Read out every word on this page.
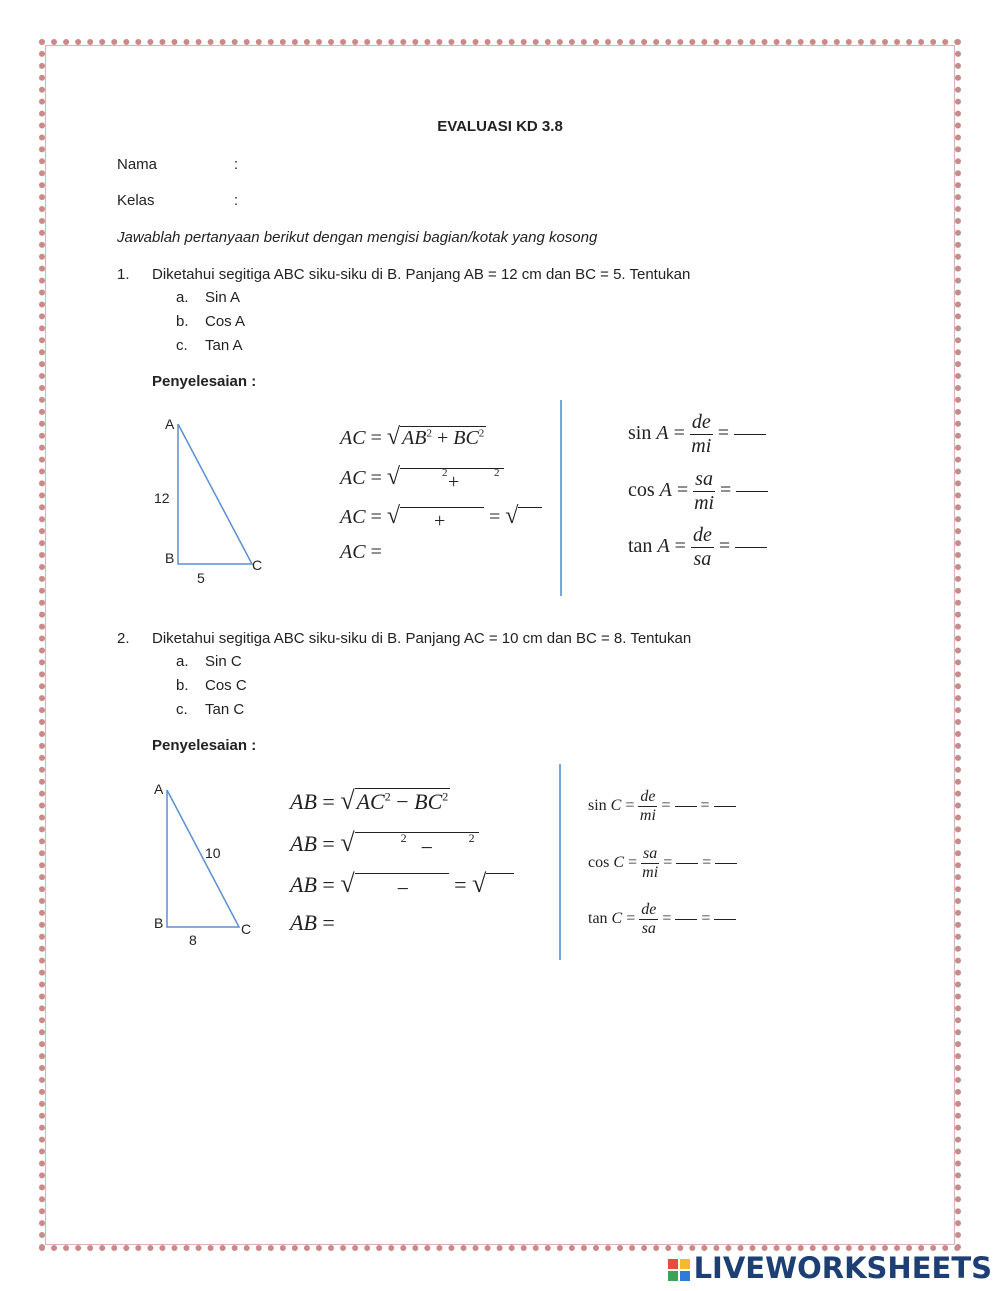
EVALUASI KD 3.8
Nama	:
Kelas	:
Jawablah pertanyaan berikut dengan mengisi bagian/kotak yang kosong
1. Diketahui segitiga ABC siku-siku di B. Panjang AB = 12 cm dan BC = 5. Tentukan
a. Sin A
b. Cos A
c. Tan A
Penyelesaian :
A
B	C
12
5
AC = √ $AB^2 + BC^2$
AC = √	2 +	2
AC = √ + = √
AC =
$\sin A = \frac{de}{mi}$ =
$\cos A = \frac{sa}{mi}$ =
$\tan A = \frac{de}{sa}$ =
2. Diketahui segitiga ABC siku-siku di B. Panjang AC = 10 cm dan BC = 8. Tentukan
a. Sin C
b. Cos C
c. Tan C
Penyelesaian :
A
B	C
10
8
AB = $√AC^2 - BC^2$
AB = √	2 −	2
AB = √ − = √
AB =
$\sin C = \frac{de}{mi}$ =  =
$\cos C = \frac{sa}{mi}$ =  =
$\tan C = \frac{de}{sa}$ =  =
LIVEWORKSHEETS
